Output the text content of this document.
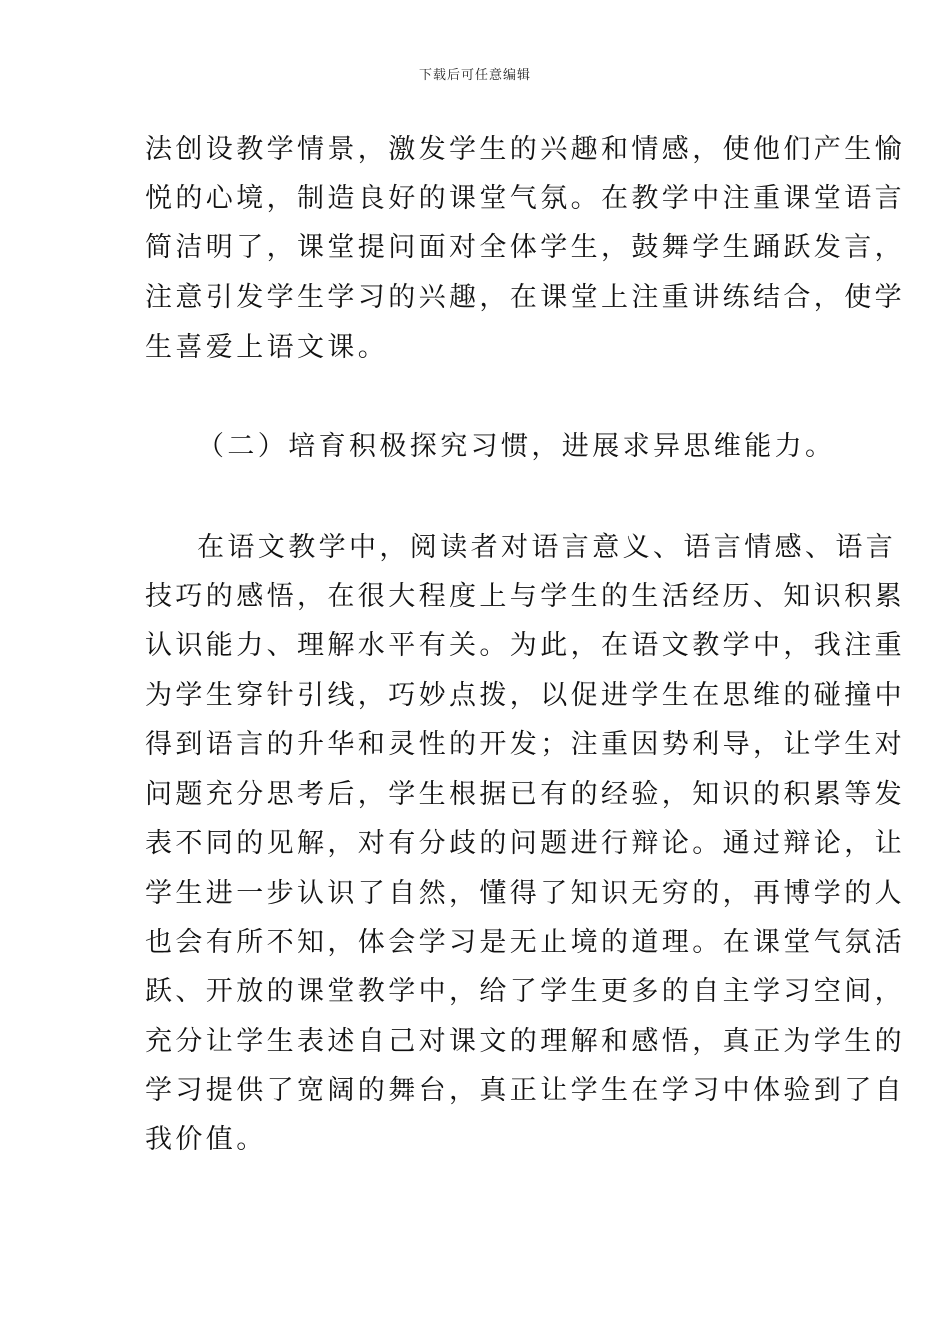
下载后可任意编辑
法创设教学情景，激发学生的兴趣和情感，使他们产生愉
悦的心境，制造良好的课堂气氛。在教学中注重课堂语言
简洁明了，课堂提问面对全体学生，鼓舞学生踊跃发言，
注意引发学生学习的兴趣，在课堂上注重讲练结合，使学
生喜爱上语文课。
（二）培育积极探究习惯，进展求异思维能力。
在语文教学中，阅读者对语言意义、语言情感、语言
技巧的感悟，在很大程度上与学生的生活经历、知识积累
认识能力、理解水平有关。为此，在语文教学中，我注重
为学生穿针引线，巧妙点拨，以促进学生在思维的碰撞中
得到语言的升华和灵性的开发；注重因势利导，让学生对
问题充分思考后，学生根据已有的经验，知识的积累等发
表不同的见解，对有分歧的问题进行辩论。通过辩论，让
学生进一步认识了自然，懂得了知识无穷的，再博学的人
也会有所不知，体会学习是无止境的道理。在课堂气氛活
跃、开放的课堂教学中，给了学生更多的自主学习空间，
充分让学生表述自己对课文的理解和感悟，真正为学生的
学习提供了宽阔的舞台，真正让学生在学习中体验到了自
我价值。
